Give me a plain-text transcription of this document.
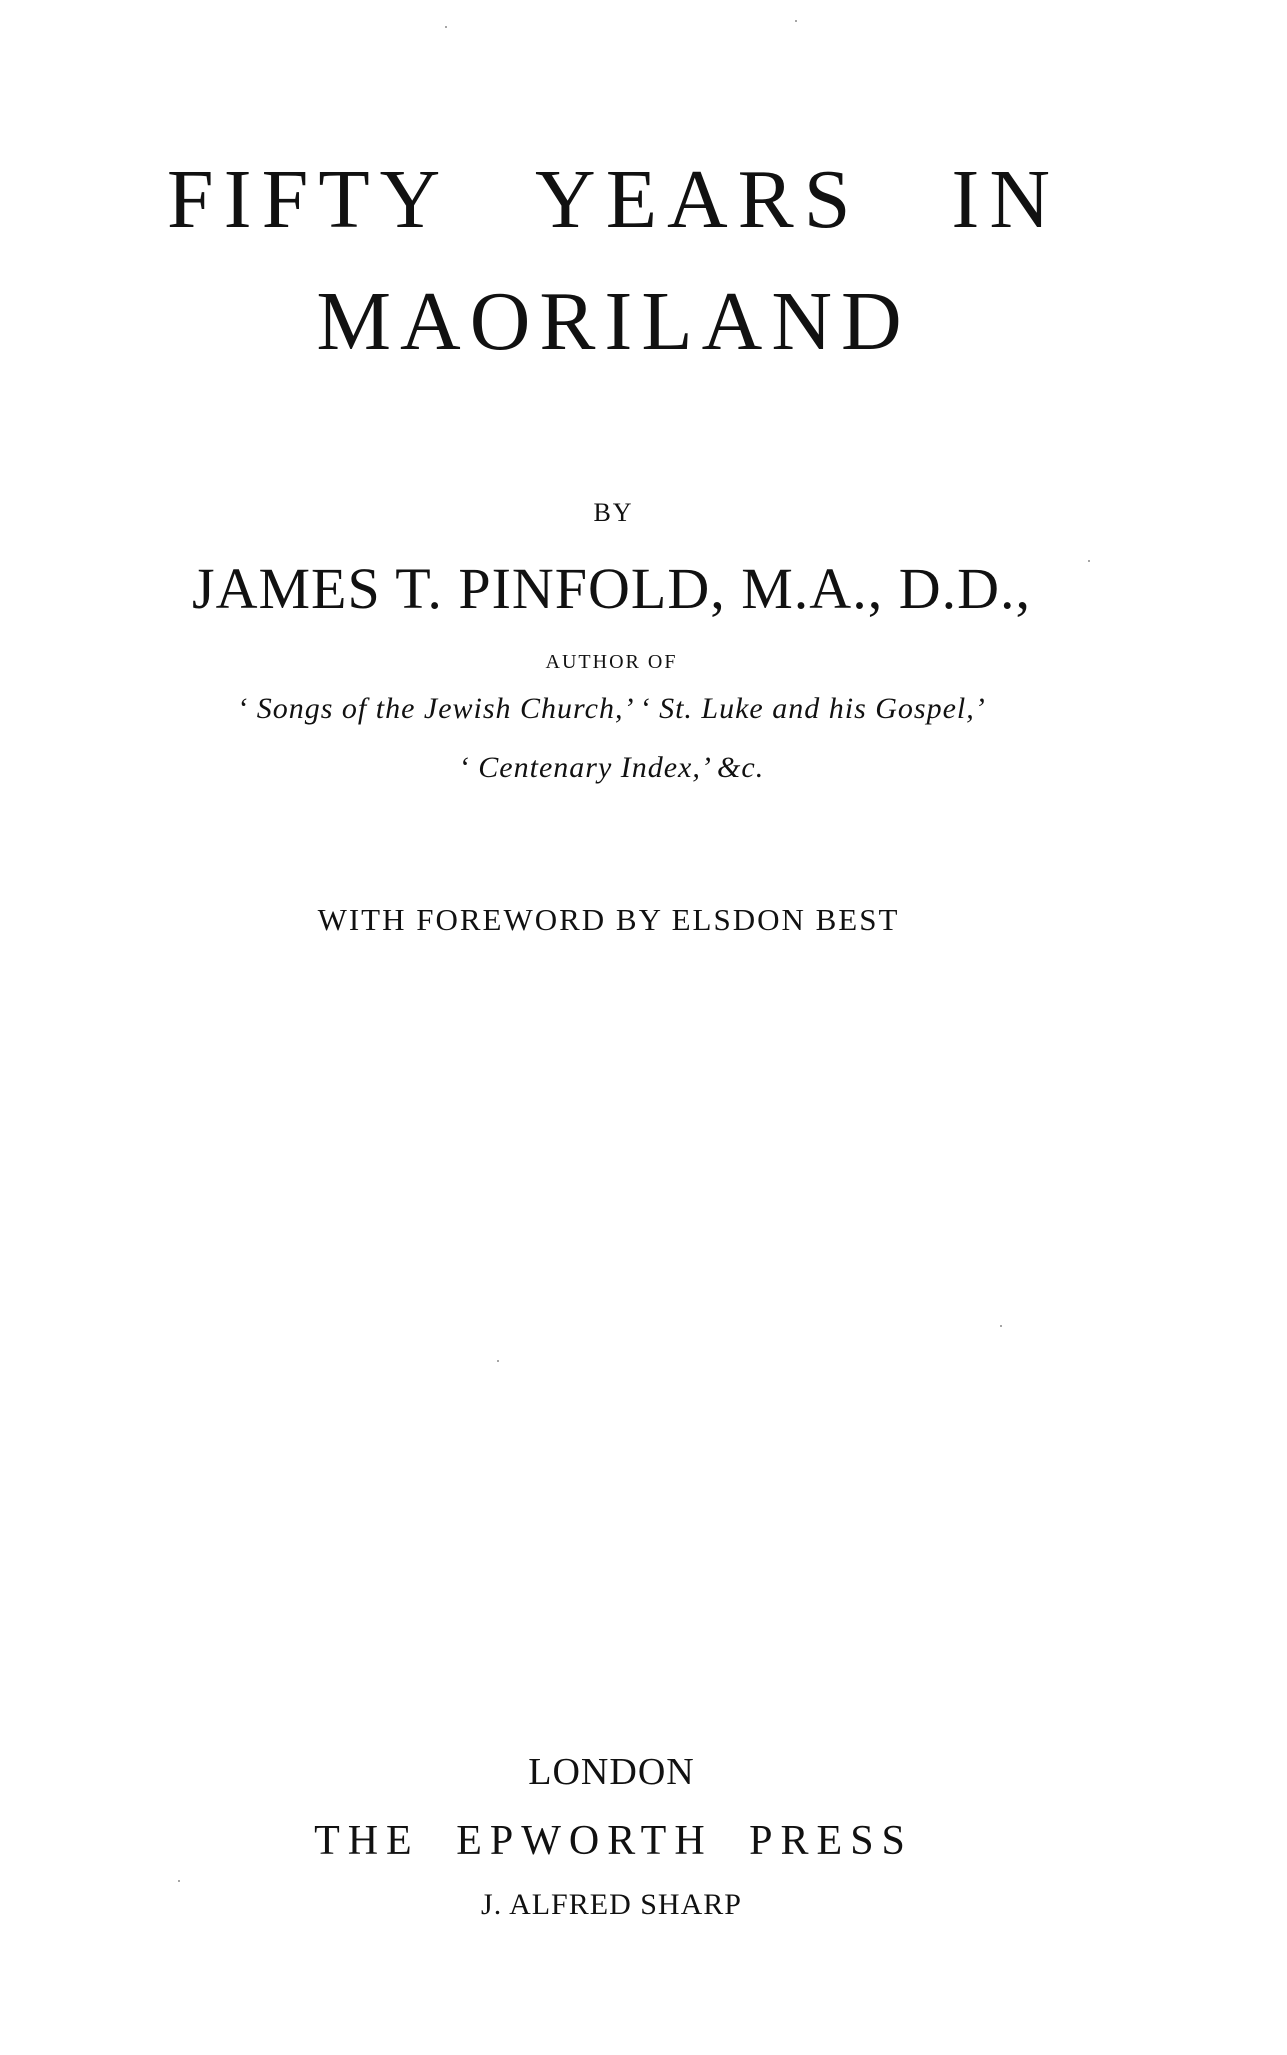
FIFTY YEARS IN
MAORILAND

BY

JAMES T. PINFOLD, M.A., D.D.,

AUTHOR OF

‘ Songs of the Jewish Church,’ ‘ St. Luke and his Gospel,’

‘ Centenary Index,’ &c.

WITH FOREWORD BY ELSDON BEST

LONDON

THE EPWORTH PRESS

J. ALFRED SHARP
